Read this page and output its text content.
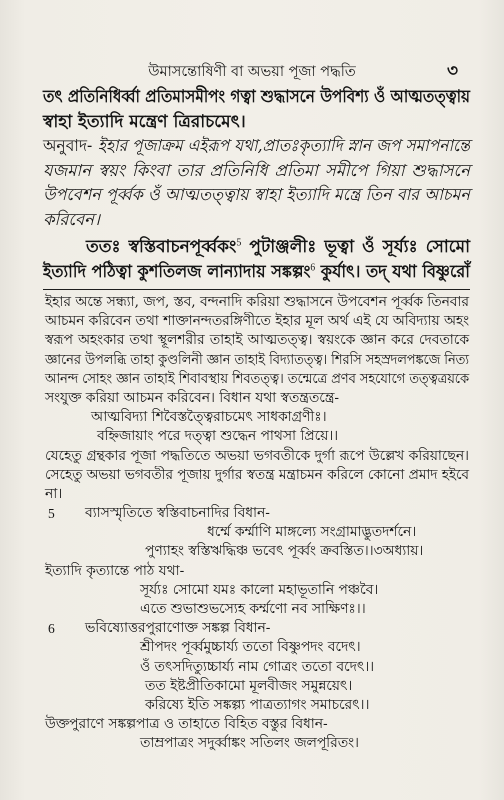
উমাসন্তোষিণী বা অভয়া পূজা পদ্ধতি	৩
তৎ প্রতিনিধির্ব্বা প্রতিমাসমীপং গত্বা শুদ্ধাসনে উপবিশ্য ওঁ আত্মতত্ত্বায়
স্বাহা ইত্যাদি মন্ত্রেণ ত্রিরাচমেৎ।
অনুবাদ- ইহার পূজাক্রম এইরূপ যথা,প্রাতঃকৃত্যাদি স্নান জপ সমাপনান্তে
যজমান স্বয়ং কিংবা তার প্রতিনিধি প্রতিমা সমীপে গিয়া শুদ্ধাসনে
উপবেশন পূর্ব্বক ওঁ আত্মতত্ত্বায় স্বাহা ইত্যাদি মন্ত্রে তিন বার আচমন
করিবেন।
ততঃ স্বস্তিবাচনপূর্ব্বকং$^5$ পুটাঞ্জলীঃ ভূত্বা ওঁ সূর্য্যঃ সোমো
ইত্যাদি পঠিত্বা কুশতিলজ লান্যাদায় সঙ্কল্পং$^6$ কুর্যাৎ। তদ্ যথা বিষ্ণুরোঁ
ইহার অন্তে সন্ধ্যা, জপ, স্তব, বন্দনাদি করিয়া শুদ্ধাসনে উপবেশন পূর্ব্বক তিনবার
আচমন করিবেন তথা শাক্তানন্দতরঙ্গিণীতে ইহার মূল অর্থ এই যে অবিদ্যায় অহং
স্বরূপ অহংকার তথা স্থূলশরীর তাহাই আত্মতত্ত্ব। স্বয়ংকে জ্ঞান করে দেবতাকে
জ্ঞানের উপলব্ধি তাহা কুণ্ডলিনী জ্ঞান তাহাই বিদ্যাতত্ত্ব। শিরসি সহস্রদলপঙ্কজে নিত্য
আনন্দ সোহং জ্ঞান তাহাই শিবাবস্থায় শিবতত্ত্ব। তন্মেত্রে প্রণব সহযোগে তত্ত্বত্রয়কে
সংযুক্ত করিয়া আচমন করিবেন। বিধান যথা স্বতন্ত্রতন্ত্রে-
আত্মবিদ্যা শিবৈস্তত্ত্বৈরাচমেৎ সাধকাগ্রণীঃ।
বহ্নিজায়াং পরে দত্ত্বা শুদ্ধেন পাথসা প্রিয়ে।।
যেহেতু গ্রন্থকার পূজা পদ্ধতিতে অভয়া ভগবতীকে দুর্গা রূপে উল্লেখ করিয়াছেন।
সেহেতু অভয়া ভগবতীর পূজায় দুর্গার স্বতন্ত্র মন্ত্রাচমন করিলে কোনো প্রমাদ হইবে
না।
5 ব্যাসস্মৃতিতে স্বস্তিবাচনাদির বিধান-
ধর্ম্মে কর্ম্মাণি মাঙ্গল্যে সংগ্রামাদ্ভুতদর্শনে।
পুণ্যাহং স্বস্তিঋদ্ধিঞ্চ ভবেৎ পূর্ব্বং ক্রবস্তিত।।৩অধ্যায়।
ইত্যাদি কৃত্যান্তে পাঠ যথা-
সূর্য্যঃ সোমো যমঃ কালো মহাভূতানি পঞ্চবৈ।
এতে শুভাশুভস্যেহ কর্ম্মণো নব সাক্ষিণঃ।।
6 ভবিষ্যোত্তরপুরাণোক্ত সঙ্কল্প বিধান-
শ্রীপদং পূর্ব্বমুচ্চার্য্য ততো বিষ্ণুপদং বদেৎ।
ওঁ তৎসদিত্যুচ্চার্য্য নাম গোত্রং ততো বদেৎ।।
তত ইষ্টপ্রীতিকামো মূলবীজং সমুন্নয়েৎ।
করিষ্যে ইতি সঙ্কল্প্য পাত্রত্যাগং সমাচরেৎ।।
উক্তপুরাণে সঙ্কল্পপাত্র ও তাহাতে বিহিত বস্তুর বিধান-
তাম্রপাত্রং সদুর্ব্বাঙ্কং সতিলং জলপূরিতং।
